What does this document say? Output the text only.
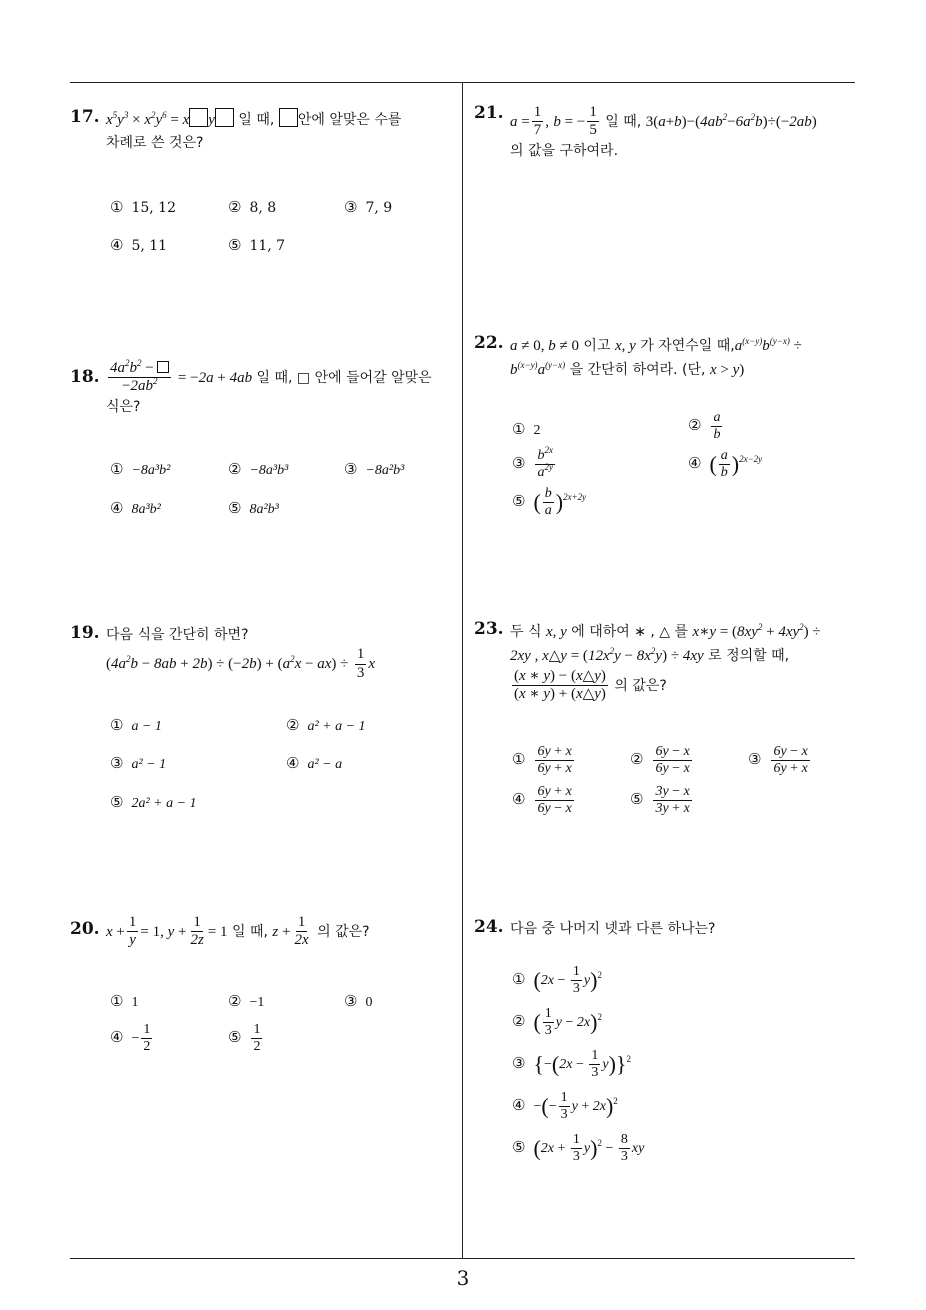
3
17. $x^5y^3 \times x^2y^6 = x$ y 일 때, 안에 알맞은 수를
차례로 쓴 것은?
① 15, 12	② 8, 8	③ 7, 9
④ 5, 11	⑤ 11, 7
18. $\frac{4a^2b^2 -}{-2ab^2} = -2a + 4ab$ 일 때, □ 안에 들어갈 알맞은
식은?
① −8a³b²	② −8a³b³	③ −8a²b³
④ 8a³b²	⑤ 8a²b³
19. 다음 식을 간단히 하면?
$(4a^2b - 8ab + 2b) \div (-2b) + (a^2x - ax) \div \frac{1}{3}$ x
① a − 1	② a² + a − 1
③ a² − 1	④ a² − a
⑤ 2a² + a − 1
20. $x + \frac{1}{y} = 1$, $y + \frac{1}{2z} = 1$ 일 때, $z + \frac{1}{2x}$ 의 값은?
① 1	② −1	③ 0
④ − $\frac{1}{2}$	⑤ $\frac{1}{2}$
21. $a = \frac{1}{7}$ , b = − $\frac{1}{5}$ 일 때, $3(a+b)-(4ab^2-6a^2b)\div(-2ab)$
의 값을 구하여라.
22. a ≠ 0, b ≠ 0 이고 x, y 가 자연수일 때$,a^{(x-y)}b^{(y-x)}$ ÷
$b^{(x-y)}a^{(y-x)}$ 을 간단히 하여라. (단, x > y)
① 2	② $\frac{a}{b}$
③ $\frac{b^{2x}}{a^{2y}}$	④ ( $\frac{a}{b} )^{2x-2y}$
⑤ ( $\frac{b}{a} )^{2x+2y}$
23. 두 식 x, y 에 대하여 ∗ , △ 를 x∗y = $(8xy^2 + 4xy^2)$ ÷
2xy , x△y = $(12x^2y - 8x^2y) \div 4xy$ 로 정의할 때,

$\frac{(x ∗ y) - (x\triangle y)}{(x ∗ y) + (x\triangle y)}$ 의 값은?
① $\frac{6y + x}{6y + x}$	② $\frac{6y - x}{6y - x}$	③ $\frac{6y - x}{6y + x}$
④ $\frac{6y + x}{6y - x}$	⑤ $\frac{3y - x}{3y + x}$
24. 다음 중 나머지 넷과 다른 하나는?
① $(2x - \frac{1}{3} y)^2$
② ( $\frac{1}{3}$ y − 2x)$^2$
③ $\{-(2x - \frac{1}{3} y)\}^2$
④ −(− $\frac{1}{3}$ y + 2x)$^2$
⑤ $(2x + \frac{1}{3} y)^2 - \frac{8}{3}$ xy
